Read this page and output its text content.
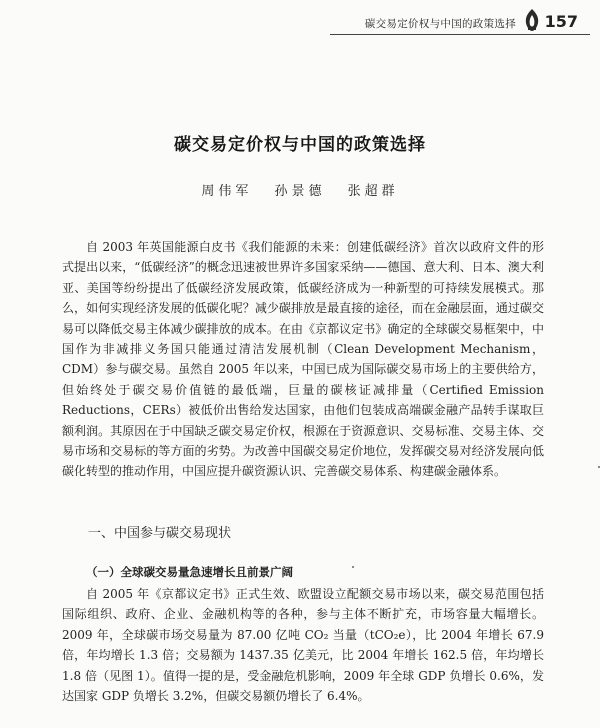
碳交易定价权与中国的政策选择 157
碳交易定价权与中国的政策选择
周伟军 孙景德 张超群

自 2003 年英国能源白皮书《我们能源的未来：创建低碳经济》首次以政府文件的形式提出以来，“低碳经济”的概念迅速被世界许多国家采纳——德国、意大利、日本、澳大利亚、美国等纷纷提出了低碳经济发展政策，低碳经济成为一种新型的可持续发展模式。那么，如何实现经济发展的低碳化呢？减少碳排放是最直接的途径，而在金融层面，通过碳交易可以降低交易主体减少碳排放的成本。在由《京都议定书》确定的全球碳交易框架中，中国作为非减排义务国只能通过清洁发展机制（Clean Development Mechanism，CDM）参与碳交易。虽然自 2005 年以来，中国已成为国际碳交易市场上的主要供给方，但始终处于碳交易价值链的最低端，巨量的碳核证减排量（Certified Emission Reductions，CERs）被低价出售给发达国家，由他们包装成高端碳金融产品转手谋取巨额利润。其原因在于中国缺乏碳交易定价权，根源在于资源意识、交易标准、交易主体、交易市场和交易标的等方面的劣势。为改善中国碳交易定价地位，发挥碳交易对经济发展向低碳化转型的推动作用，中国应提升碳资源认识、完善碳交易体系、构建碳金融体系。

一、中国参与碳交易现状
（一）全球碳交易量急速增长且前景广阔

自 2005 年《京都议定书》正式生效、欧盟设立配额交易市场以来，碳交易范围包括国际组织、政府、企业、金融机构等的各种，参与主体不断扩充，市场容量大幅增长。2009 年，全球碳市场交易量为 87.00 亿吨 CO₂ 当量（tCO₂e），比 2004 年增长 67.9 倍，年均增长 1.3 倍；交易额为 1437.35 亿美元，比 2004 年增长 162.5 倍，年均增长 1.8 倍（见图 1）。值得一提的是，受金融危机影响，2009 年全球 GDP 负增长 0.6%，发达国家 GDP 负增长 3.2%，但碳交易额仍增长了 6.4%。
